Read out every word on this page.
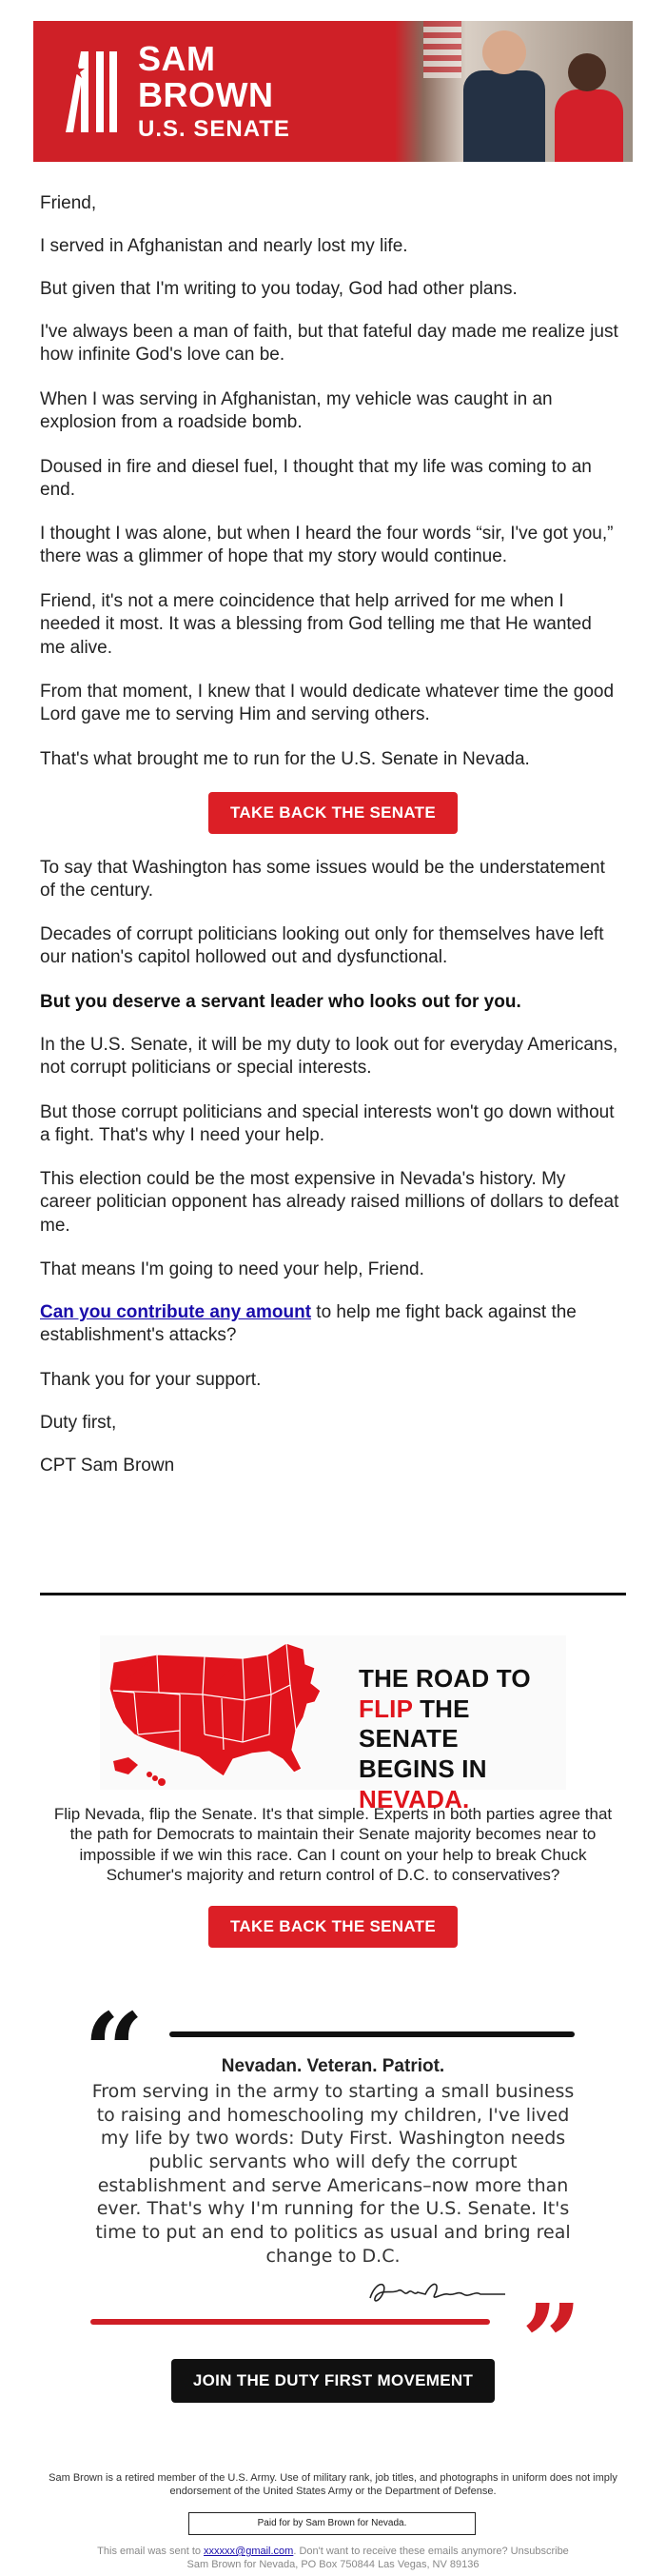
SAM
BROWN
U.S. SENATE

Friend,

I served in Afghanistan and nearly lost my life.

But given that I'm writing to you today, God had other plans.

I've always been a man of faith, but that fateful day made me realize just how infinite God's love can be.

When I was serving in Afghanistan, my vehicle was caught in an explosion from a roadside bomb.

Doused in fire and diesel fuel, I thought that my life was coming to an end.

I thought I was alone, but when I heard the four words “sir, I've got you,” there was a glimmer of hope that my story would continue.

Friend, it's not a mere coincidence that help arrived for me when I needed it most. It was a blessing from God telling me that He wanted me alive.

From that moment, I knew that I would dedicate whatever time the good Lord gave me to serving Him and serving others.

That's what brought me to run for the U.S. Senate in Nevada.

To say that Washington has some issues would be the understatement of the century.

Decades of corrupt politicians looking out only for themselves have left our nation's capitol hollowed out and dysfunctional.

But you deserve a servant leader who looks out for you.

In the U.S. Senate, it will be my duty to look out for everyday Americans, not corrupt politicians or special interests.

But those corrupt politicians and special interests won't go down without a fight. That's why I need your help.

This election could be the most expensive in Nevada's history. My career politician opponent has already raised millions of dollars to defeat me.

That means I'm going to need your help, Friend.

Can you contribute any amount to help me fight back against the establishment's attacks?

Thank you for your support.

Duty first,

CPT Sam Brown

TAKE BACK THE SENATE
THE ROAD TO
FLIP THE SENATE
BEGINS IN NEVADA.
Flip Nevada, flip the Senate. It's that simple. Experts in both parties agree that the path for Democrats to maintain their Senate majority becomes near to impossible if we win this race. Can I count on your help to break Chuck Schumer's majority and return control of D.C. to conservatives?
TAKE BACK THE SENATE
“	Nevadan. Veteran. Patriot.
From serving in the army to starting a small business to raising and homeschooling my children, I've lived my life by two words: Duty First. Washington needs public servants who will defy the corrupt establishment and serve Americans–now more than ever. That's why I'm running for the U.S. Senate. It's time to put an end to politics as usual and bring real change to D.C.
”
JOIN THE DUTY FIRST MOVEMENT
Sam Brown is a retired member of the U.S. Army. Use of military rank, job titles, and photographs in uniform does not imply endorsement of the United States Army or the Department of Defense.
Paid for by Sam Brown for Nevada.
This email was sent to xxxxxx@gmail.com. Don't want to receive these emails anymore? Unsubscribe
Sam Brown for Nevada, PO Box 750844 Las Vegas, NV 89136
